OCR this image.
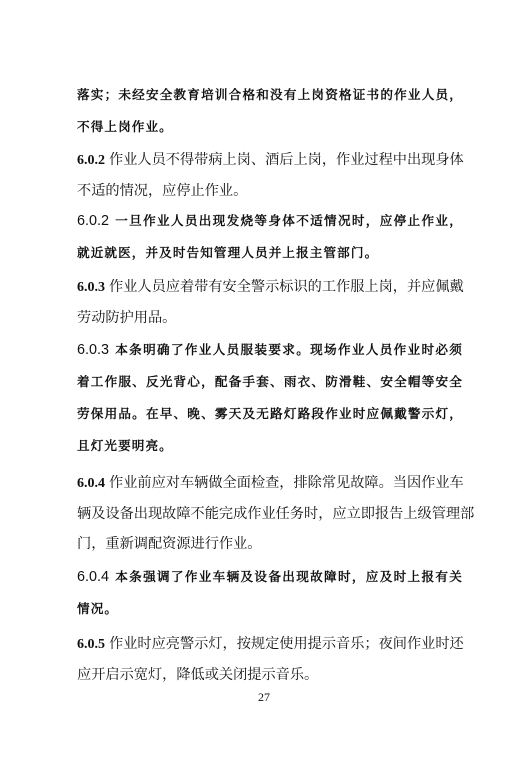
落实；未经安全教育培训合格和没有上岗资格证书的作业人员，
不得上岗作业。
6.0.2 作业人员不得带病上岗、酒后上岗，作业过程中出现身体
不适的情况，应停止作业。
6.0.2 一旦作业人员出现发烧等身体不适情况时，应停止作业，
就近就医，并及时告知管理人员并上报主管部门。
6.0.3 作业人员应着带有安全警示标识的工作服上岗，并应佩戴
劳动防护用品。
6.0.3 本条明确了作业人员服装要求。现场作业人员作业时必须
着工作服、反光背心，配备手套、雨衣、防滑鞋、安全帽等安全
劳保用品。在早、晚、雾天及无路灯路段作业时应佩戴警示灯，
且灯光要明亮。
6.0.4 作业前应对车辆做全面检查，排除常见故障。当因作业车
辆及设备出现故障不能完成作业任务时，应立即报告上级管理部
门，重新调配资源进行作业。
6.0.4 本条强调了作业车辆及设备出现故障时，应及时上报有关
情况。
6.0.5 作业时应亮警示灯，按规定使用提示音乐；夜间作业时还
应开启示宽灯，降低或关闭提示音乐。
27
